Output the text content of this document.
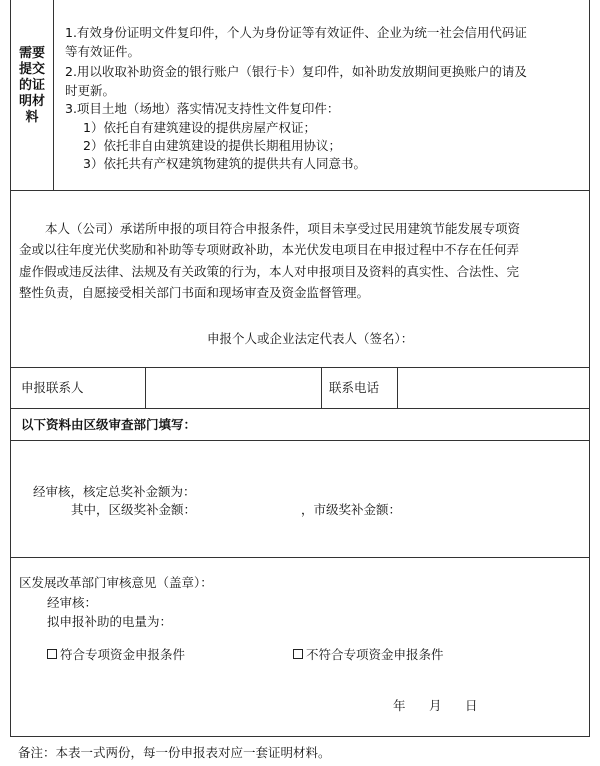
需要
提交
的证
明材
料
1.有效身份证明文件复印件，个人为身份证等有效证件、企业为统一社会信用代码证
等有效证件。
2.用以收取补助资金的银行账户（银行卡）复印件，如补助发放期间更换账户的请及
时更新。
3.项目土地（场地）落实情况支持性文件复印件：
1）依托自有建筑建设的提供房屋产权证；
2）依托非自由建筑建设的提供长期租用协议；
3）依托共有产权建筑物建筑的提供共有人同意书。
本人（公司）承诺所申报的项目符合申报条件，项目未享受过民用建筑节能发展专项资
金或以往年度光伏奖励和补助等专项财政补助，本光伏发电项目在申报过程中不存在任何弄
虚作假或违反法律、法规及有关政策的行为，本人对申报项目及资料的真实性、合法性、完
整性负责，自愿接受相关部门书面和现场审查及资金监督管理。
申报个人或企业法定代表人（签名）：
申报联系人	联系电话
以下资料由区级审查部门填写：
经审核，核定总奖补金额为：
其中，区级奖补金额：	，市级奖补金额：
区发展改革部门审核意见（盖章）：
经审核：
拟申报补助的电量为：
符合专项资金申报条件	不符合专项资金申报条件
年 月 日
备注：本表一式两份，每一份申报表对应一套证明材料。
